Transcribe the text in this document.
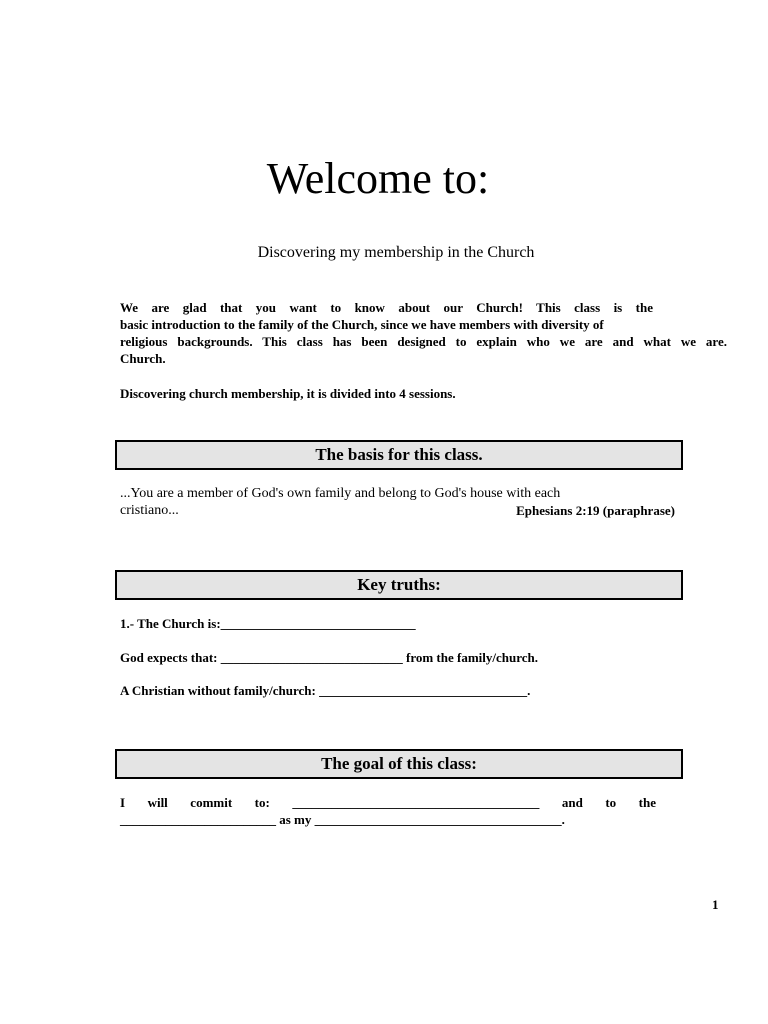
Welcome to:
Discovering my membership in the Church
We are glad that you want to know about our Church! This class is the
basic introduction to the family of the Church, since we have members with diversity of
religious backgrounds. This class has been designed to explain who we are and what we are.
Church.
Discovering church membership, it is divided into 4 sessions.
The basis for this class.
...You are a member of God's own family and belong to God's house with each
cristiano...	Ephesians 2:19 (paraphrase)
Key truths:
1.- The Church is:______________________________
God expects that: ____________________________ from the family/church.
A Christian without family/church: ________________________________.
The goal of this class:
I will commit to: ______________________________________ and to the
________________________ as my ______________________________________.
1
